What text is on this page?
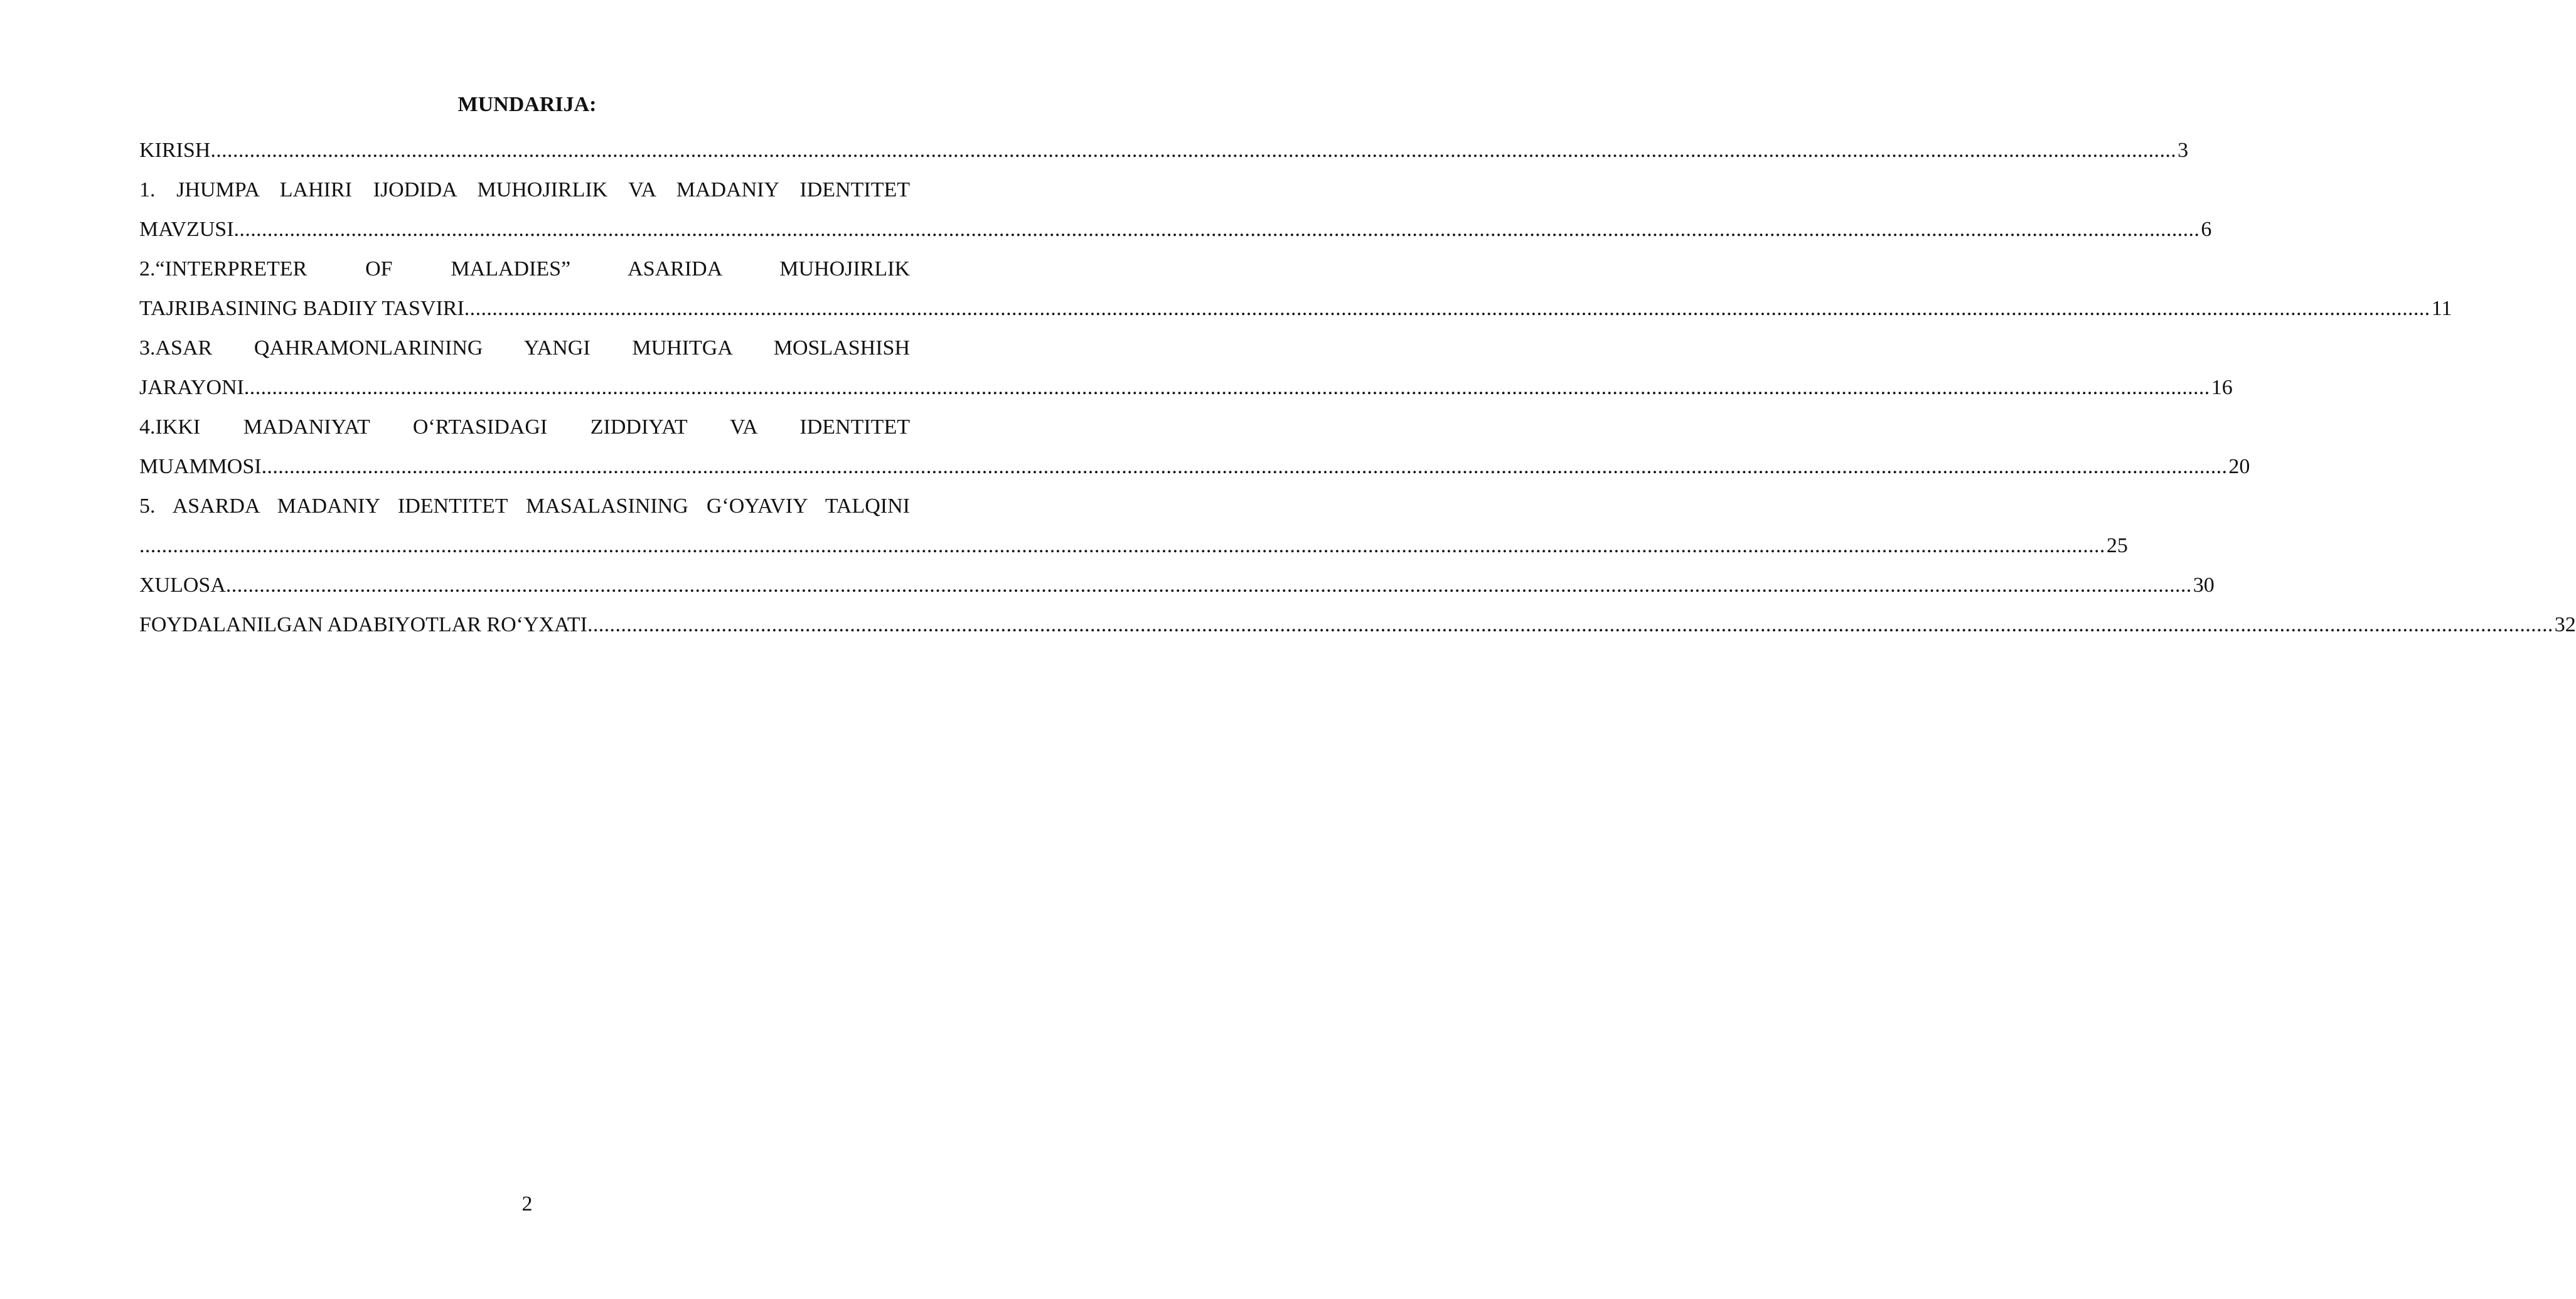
MUNDARIJA:
KIRISH ................................................................................................................................................................................................................................................................................................................................................................ 3
1. JHUMPA LAHIRI IJODIDA MUHOJIRLIK VA MADANIY IDENTITET
MAVZUSI ................................................................................................................................................................................................................................................................................................................................................................ 6
2.“INTERPRETER OF MALADIES” ASARIDA MUHOJIRLIK
TAJRIBASINING BADIIY TASVIRI ................................................................................................................................................................................................................................................................................................................................................................ 11
3.ASAR QAHRAMONLARINING YANGI MUHITGA MOSLASHISH
JARAYONI ................................................................................................................................................................................................................................................................................................................................................................ 16
4.IKKI MADANIYAT O‘RTASIDAGI ZIDDIYAT VA IDENTITET
MUAMMOSI ................................................................................................................................................................................................................................................................................................................................................................ 20
5. ASARDA MADANIY IDENTITET MASALASINING G‘OYAVIY TALQINI
................................................................................................................................................................................................................................................................................................................................................................ 25
XULOSA ................................................................................................................................................................................................................................................................................................................................................................ 30
FOYDALANILGAN ADABIYOTLAR RO‘YXATI ................................................................................................................................................................................................................................................................................................................................................................ 32
2
